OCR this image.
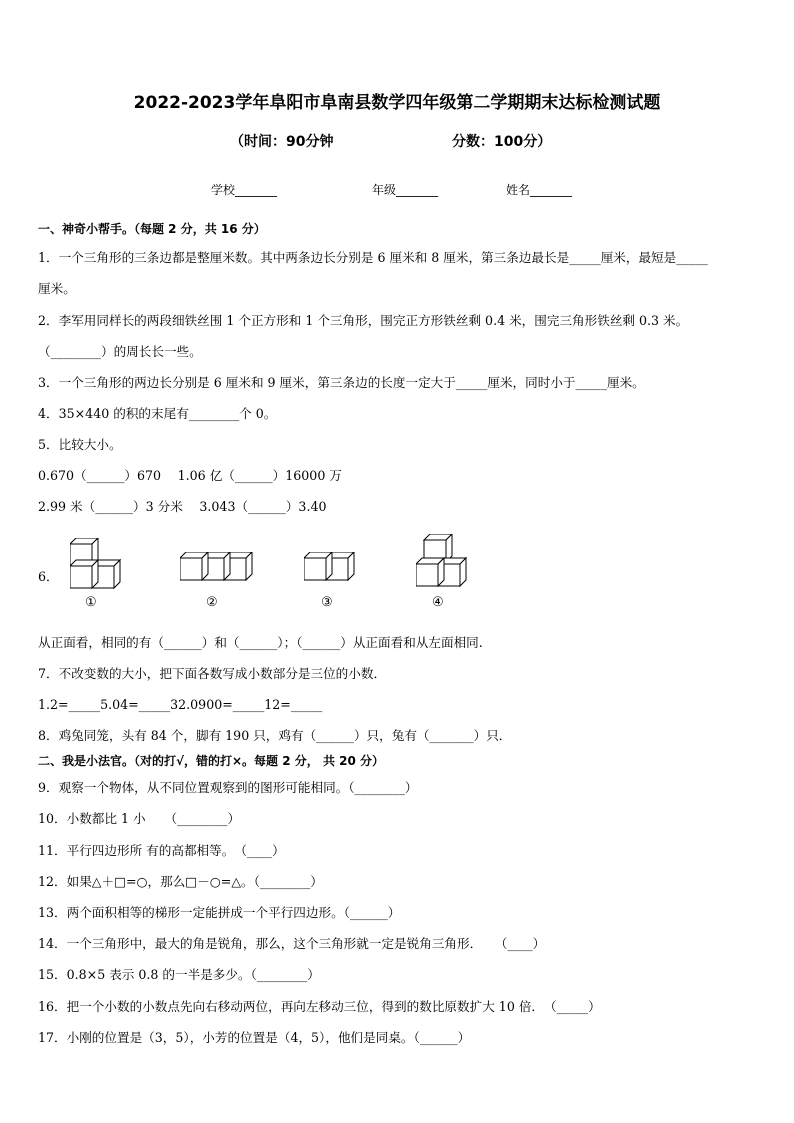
2022-2023学年阜阳市阜南县数学四年级第二学期期末达标检测试题
（时间：90分钟	分数：100分）
学校_______	年级_______	姓名_______
一、神奇小帮手。（每题 2 分，共 16 分）
1．一个三角形的三条边都是整厘米数。其中两条边长分别是 6 厘米和 8 厘米，第三条边最长是_____厘米，最短是_____
厘米。
2．李军用同样长的两段细铁丝围 1 个正方形和 1 个三角形，围完正方形铁丝剩 0.4 米，围完三角形铁丝剩 0.3 米。
（________）的周长长一些。
3．一个三角形的两边长分别是 6 厘米和 9 厘米，第三条边的长度一定大于_____厘米，同时小于_____厘米。
4．35×440 的积的末尾有________个 0。
5．比较大小。
0.670（______）670　 1.06 亿（______）16000 万
2.99 米（______）3 分米　 3.043（______）3.40
6．
①	②	③	④
从正面看，相同的有（______）和（______）；（______）从正面看和从左面相同.
7．不改变数的大小，把下面各数写成小数部分是三位的小数．
1.2=_____5.04=_____32.0900=_____12=_____
8．鸡兔同笼，头有 84 个，脚有 190 只，鸡有（______）只，兔有（_______）只．
二、我是小法官。（对的打√，错的打×。每题 2 分， 共 20 分）
9．观察一个物体，从不同位置观察到的图形可能相同。（________）
10．小数都比 1 小　　（________）
11．平行四边形所 有的高都相等。　（____）
12．如果△＋□=○，那么□－○=△。（________）
13．两个面积相等的梯形一定能拼成一个平行四边形。（______）
14．一个三角形中，最大的角是锐角，那么，这个三角形就一定是锐角三角形．　　（____）
15．0.8×5 表示 0.8 的一半是多少。（________）
16．把一个小数的小数点先向右移动两位，再向左移动三位，得到的数比原数扩大 10 倍．　（_____）
17．小刚的位置是（3，5），小芳的位置是（4，5），他们是同桌。（______）
